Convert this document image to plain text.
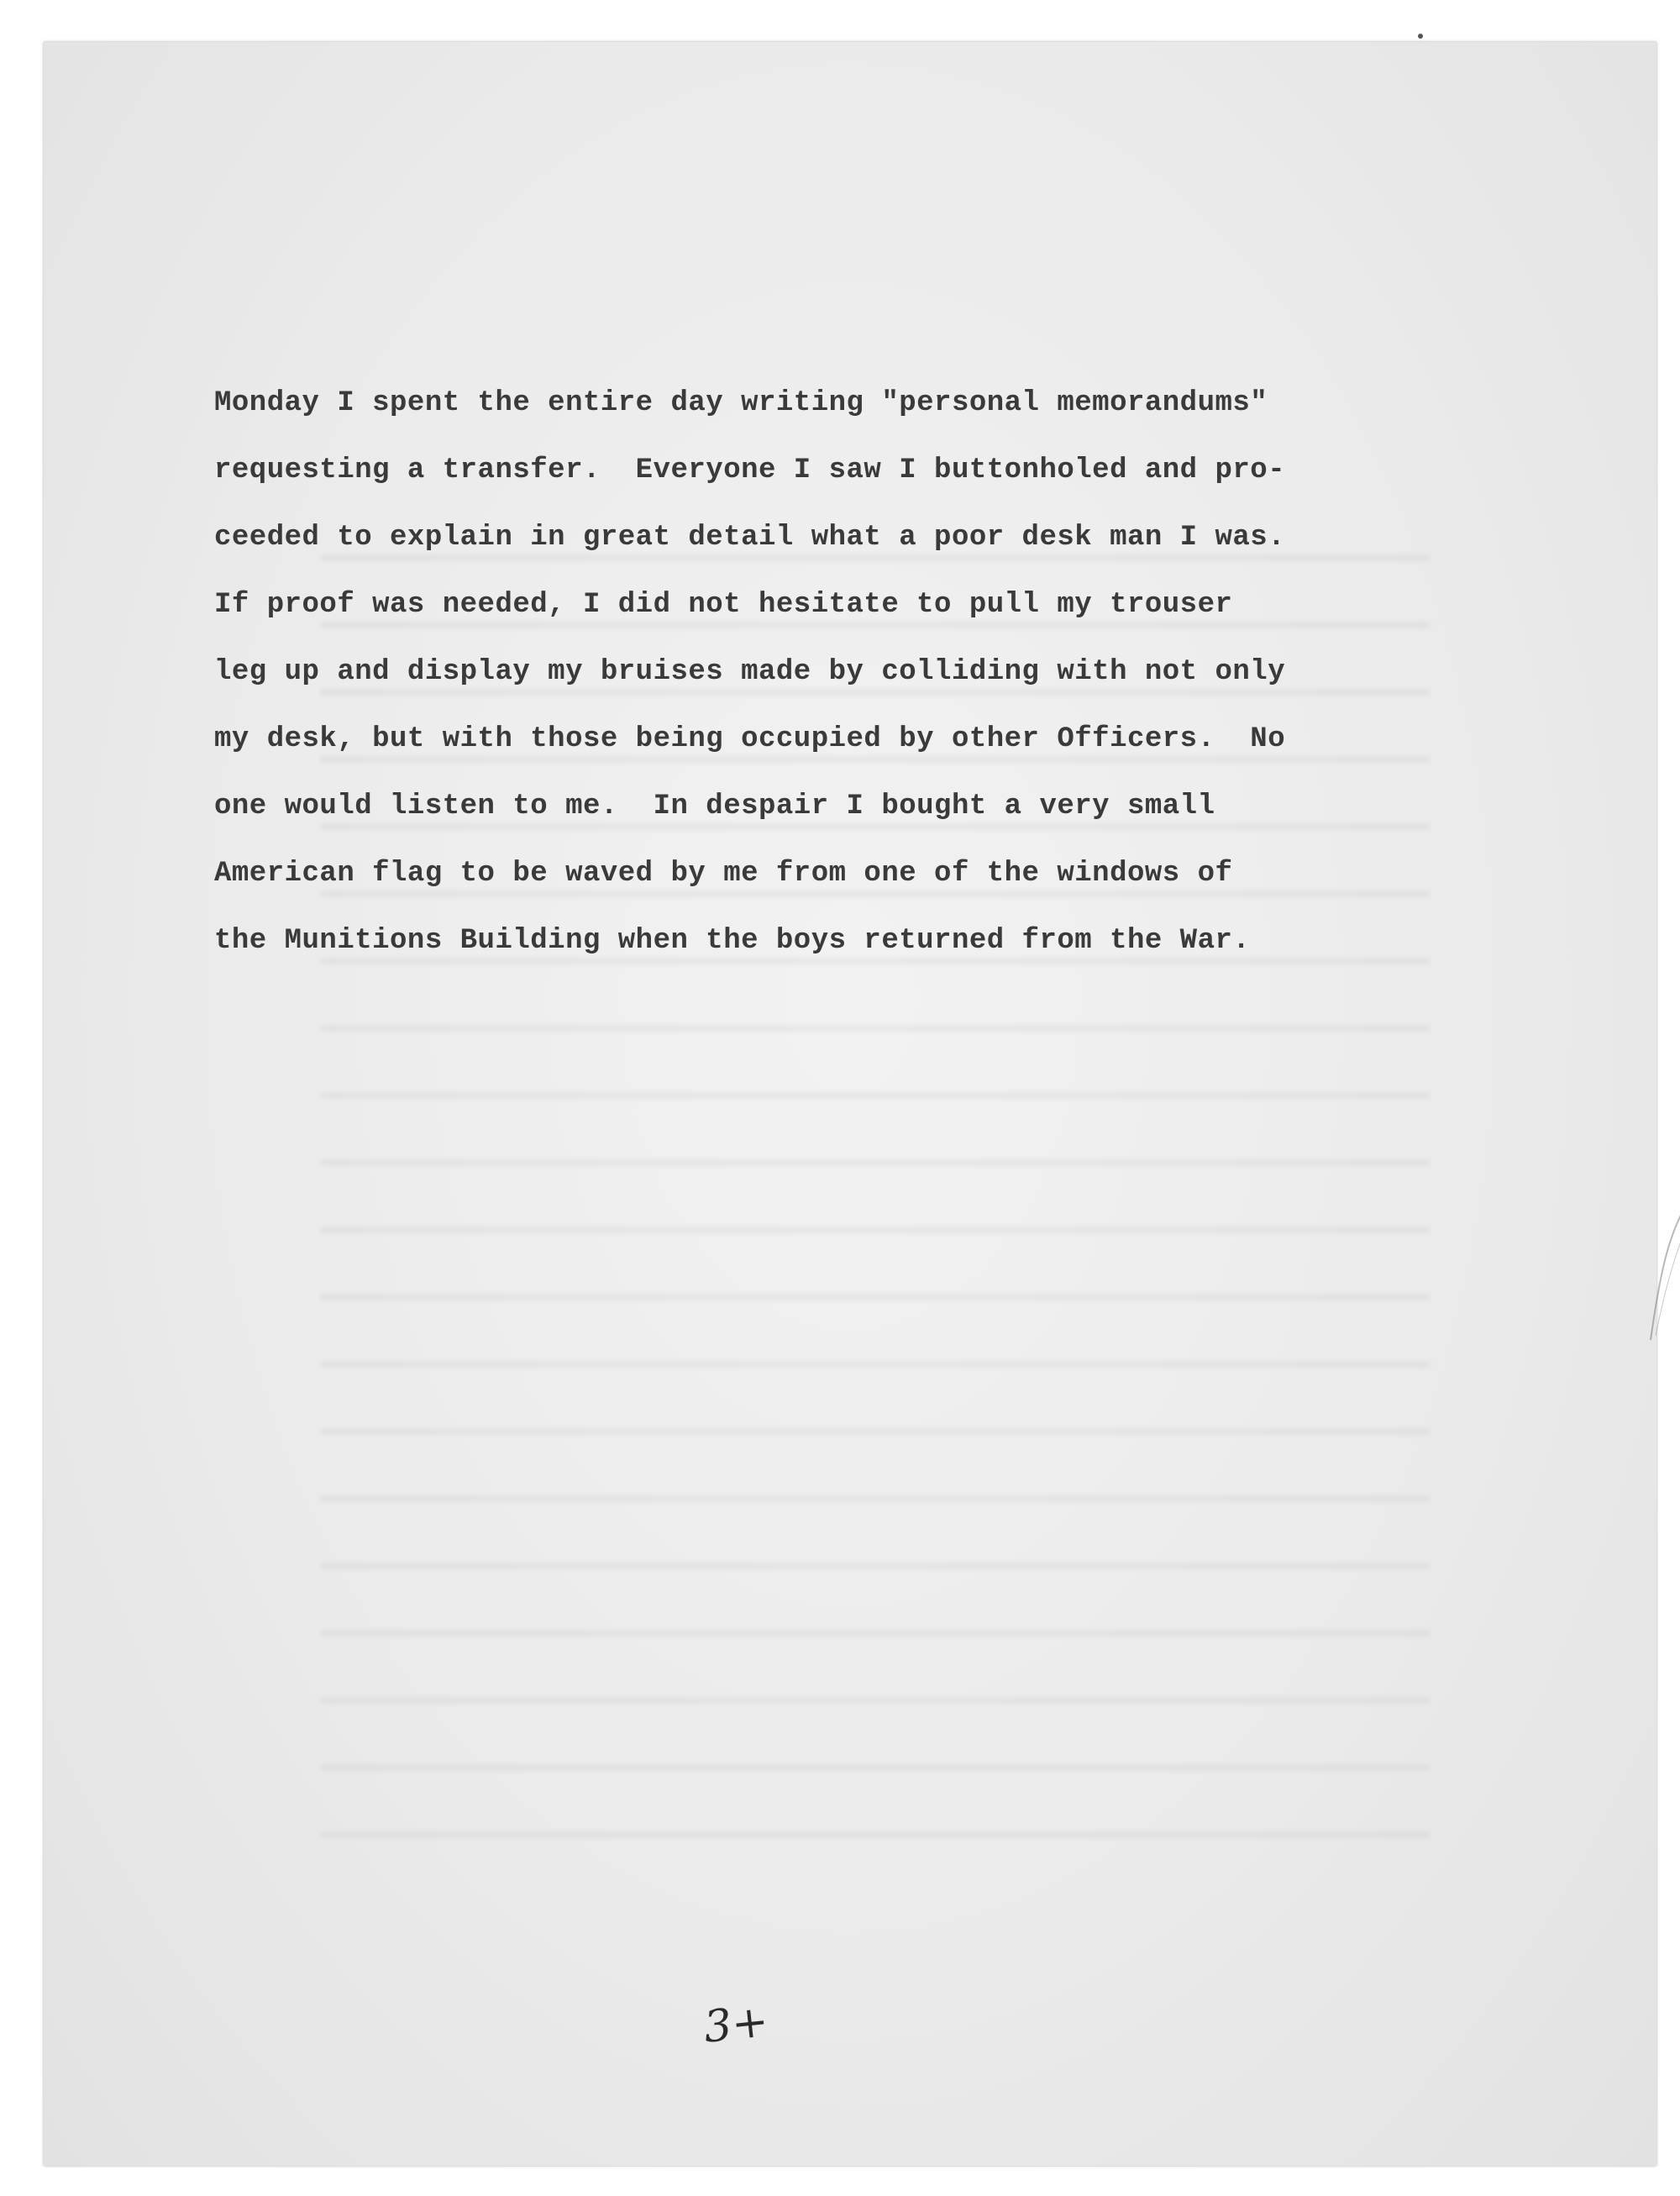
Monday I spent the entire day writing "personal memorandums"
requesting a transfer.  Everyone I saw I buttonholed and pro-
ceeded to explain in great detail what a poor desk man I was.
If proof was needed, I did not hesitate to pull my trouser
leg up and display my bruises made by colliding with not only
my desk, but with those being occupied by other Officers.  No
one would listen to me.  In despair I bought a very small
American flag to be waved by me from one of the windows of
the Munitions Building when the boys returned from the War.
3+
